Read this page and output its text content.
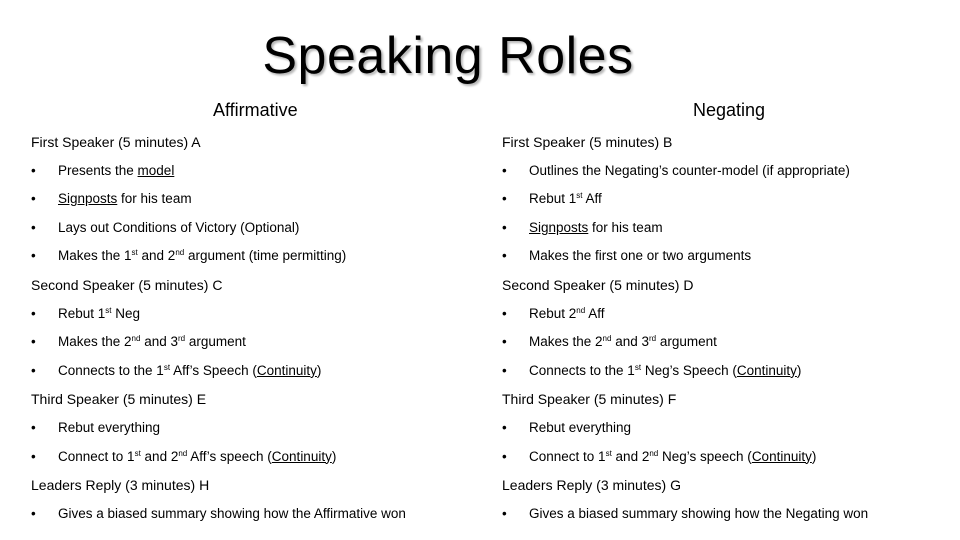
Speaking Roles
Affirmative	Negating
First Speaker (5 minutes) A
• Presents the model
• Signposts for his team
• Lays out Conditions of Victory (Optional)
• Makes the 1st and 2nd argument (time permitting)
Second Speaker (5 minutes) C
• Rebut 1st Neg
• Makes the 2nd and 3rd argument
• Connects to the 1st Aff’s Speech (Continuity)
Third Speaker (5 minutes) E
• Rebut everything
• Connect to 1st and 2nd Aff’s speech (Continuity)
Leaders Reply (3 minutes) H
• Gives a biased summary showing how the Affirmative won
First Speaker (5 minutes) B
• Outlines the Negating’s counter-model (if appropriate)
• Rebut 1st Aff
• Signposts for his team
• Makes the first one or two arguments
Second Speaker (5 minutes) D
• Rebut 2nd Aff
• Makes the 2nd and 3rd argument
• Connects to the 1st Neg’s Speech (Continuity)
Third Speaker (5 minutes) F
• Rebut everything
• Connect to 1st and 2nd Neg’s speech (Continuity)
Leaders Reply (3 minutes) G
• Gives a biased summary showing how the Negating won
